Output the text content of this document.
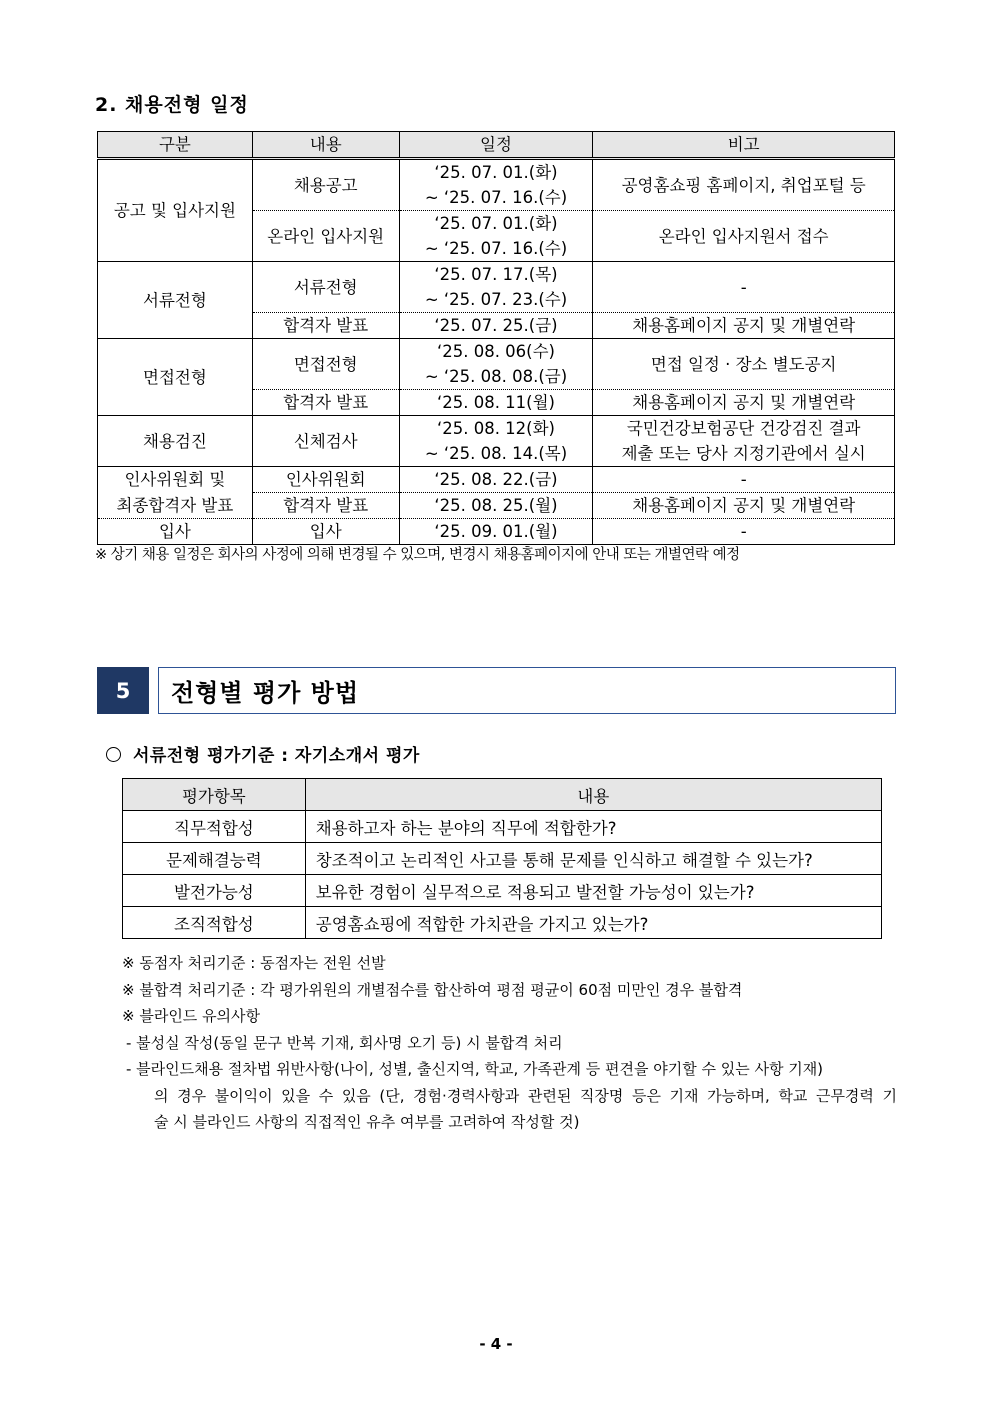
2. 채용전형 일정
구분	내용	일정	비고
공고 및 입사지원	채용공고	‘25. 07. 01.(화)	공영홈쇼핑 홈페이지, 취업포털 등
		~ ‘25. 07. 16.(수)	
	온라인 입사지원	‘25. 07. 01.(화)	온라인 입사지원서 접수
		~ ‘25. 07. 16.(수)	
서류전형	서류전형	‘25. 07. 17.(목)	-
		~ ‘25. 07. 23.(수)	
	합격자 발표	‘25. 07. 25.(금)	채용홈페이지 공지 및 개별연락
면접전형	면접전형	‘25. 08. 06(수)	면접 일정 · 장소 별도공지
		~ ‘25. 08. 08.(금)	
	합격자 발표	‘25. 08. 11(월)	채용홈페이지 공지 및 개별연락
채용검진	신체검사	‘25. 08. 12(화)	국민건강보험공단 건강검진 결과
		~ ‘25. 08. 14.(목)	제출 또는 당사 지정기관에서 실시
인사위원회 및	인사위원회	‘25. 08. 22.(금)	-
최종합격자 발표	합격자 발표	‘25. 08. 25.(월)	채용홈페이지 공지 및 개별연락
입사	입사	‘25. 09. 01.(월)	-
※ 상기 채용 일정은 회사의 사정에 의해 변경될 수 있으며, 변경시 채용홈페이지에 안내 또는 개별연락 예정
5	전형별 평가 방법
서류전형 평가기준 : 자기소개서 평가
평가항목	내용
직무적합성	채용하고자 하는 분야의 직무에 적합한가?
문제해결능력	창조적이고 논리적인 사고를 통해 문제를 인식하고 해결할 수 있는가?
발전가능성	보유한 경험이 실무적으로 적용되고 발전할 가능성이 있는가?
조직적합성	공영홈쇼핑에 적합한 가치관을 가지고 있는가?
※ 동점자 처리기준 : 동점자는 전원 선발
※ 불합격 처리기준 : 각 평가위원의 개별점수를 합산하여 평점 평균이 60점 미만인 경우 불합격
※ 블라인드 유의사항
- 불성실 작성(동일 문구 반복 기재, 회사명 오기 등) 시 불합격 처리
- 블라인드채용 절차법 위반사항(나이, 성별, 출신지역, 학교, 가족관계 등 편견을 야기할 수 있는 사항 기재)
의 경우 불이익이 있을 수 있음 (단, 경험·경력사항과 관련된 직장명 등은 기재 가능하며, 학교 근무경력 기
술 시 블라인드 사항의 직접적인 유추 여부를 고려하여 작성할 것)
- 4 -
